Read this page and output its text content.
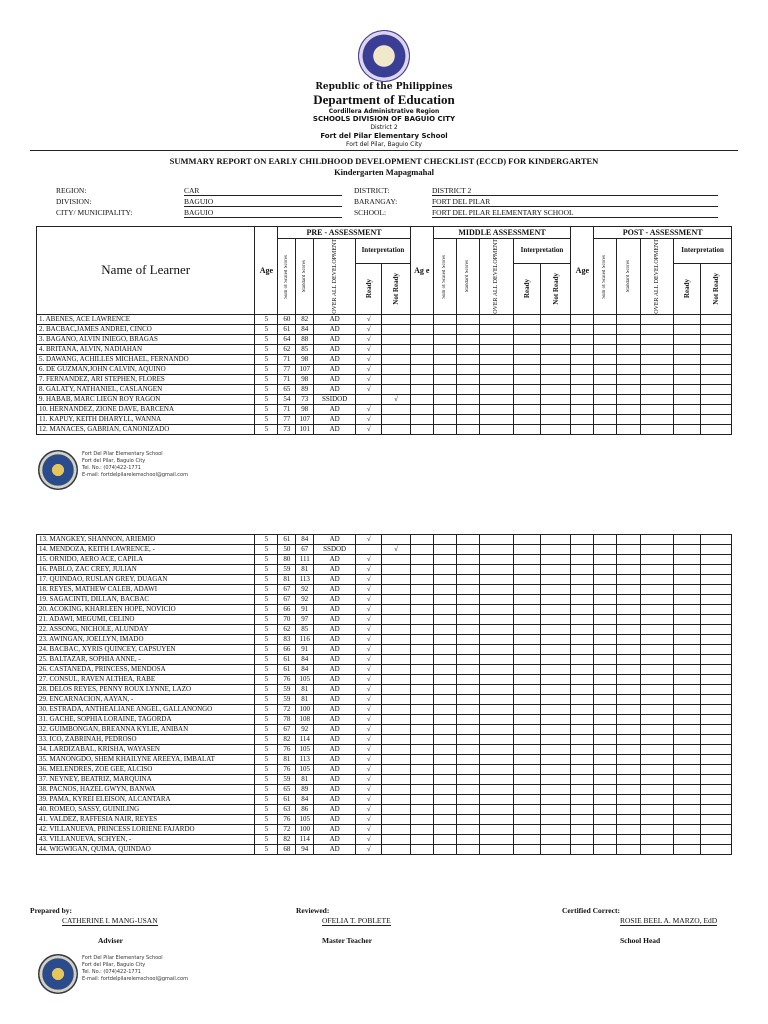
Republic of the Philippines
Department of Education
Cordillera Administrative Region
SCHOOLS DIVISION OF BAGUIO CITY
District 2
Fort del Pilar Elementary School
Fort del Pilar, Baguio City
SUMMARY REPORT ON EARLY CHILDHOOD DEVELOPMENT CHECKLIST (ECCD) FOR KINDERGARTEN
Kindergarten Mapagmahal
REGION:	CAR
DIVISION:	BAGUIO
CITY/ MUNICIPALITY:	BAGUIO
DISTRICT:	DISTRICT 2
BARANGAY:	FORT DEL PILAR
SCHOOL:	FORT DEL PILAR ELEMENTARY SCHOOL
Name of Learner	Age	PRE - ASSESSMENT					Ag e	MIDDLE ASSESSMENT					Age	POST - ASSESSMENT				

		Sum of Scaled Scores	Standard Scores	OVER ALL DEVELOPMENT	Interpretation			Sum of Scaled Scores	Standard Scores	OVER ALL DEVELOPMENT	Interpretation			Sum of Scaled Scores	Standard Scores	OVER ALL DEVELOPMENT	Interpretation	

					Ready	Not Ready					Ready	Not Ready					Ready	Not Ready

1. ABENES, ACE LAWRENCE	5	60	82	AD	√													
2. BACBAC,JAMES ANDREI, CINCO	5	61	84	AD	√													
3. BAGANO, ALVIN INIEGO, BRAGAS	5	64	88	AD	√													
4. BRITANA, ALVIN, NADIAHAN	5	62	85	AD	√													
5. DAWANG, ACHILLES MICHAEL, FERNANDO	5	71	98	AD	√													
6. DE GUZMAN,JOHN CALVIN, AQUINO	5	77	107	AD	√													
7. FERNANDEZ, ARI STEPHEN, FLORES	5	71	98	AD	√													
8. GALATY, NATHANIEL, CASLANGEN	5	65	89	AD	√													
9. HABAB, MARC LIEGN ROY RAGON	5	54	73	SSIDOD		√												
10. HERNANDEZ, ZIONE DAVE, BARCENA	5	71	98	AD	√													
11. KAPUY, KEITH DHARYLL, WANNA	5	77	107	AD	√													
12. MANACES, GABRIAN, CANONIZADO	5	73	101	AD	√													
Fort Del Pilar Elementary School
Fort del Pilar, Baguio City
Tel. No.: (074)422-1771
E-mail: fortdelpilarelemschool@gmail.com
13. MANGKEY, SHANNON, ARIEMIO	5	61	84	AD	√													
14. MENDOZA, KEITH LAWRENCE, -	5	50	67	SSDOD		√												
15. ORNIDO, AERO ACE, CAPILA	5	80	111	AD	√													
16. PABLO, ZAC CREY, JULIAN	5	59	81	AD	√													
17. QUINDAO, RUSLAN GREY, DUAGAN	5	81	113	AD	√													
18. REYES, MATHEW CALEB, ADAWI	5	67	92	AD	√													
19. SAGACINTI, DILLAN, BACBAC	5	67	92	AD	√													
20. ACOKING, KHARLEEN HOPE, NOVICIO	5	66	91	AD	√													
21. ADAWI, MEGUMI, CELINO	5	70	97	AD	√													
22. ASSONG, NICHOLE, ALUNDAY	5	62	85	AD	√													
23. AWINGAN, JOELLYN, IMADO	5	83	116	AD	√													
24. BACBAC, XYRIS QUINCEY, CAPSUYEN	5	66	91	AD	√													
25. BALTAZAR, SOPHIA ANNE, -	5	61	84	AD	√													
26. CASTANEDA, PRINCESS, MENDOSA	5	61	84	AD	√													
27. CONSUL, RAVEN ALTHEA, RABE	5	76	105	AD	√													
28. DELOS REYES, PENNY ROUX LYNNE, LAZO	5	59	81	AD	√													
29. ENCARNACION, AAYAN, -	5	59	81	AD	√													
30. ESTRADA, ANTHEALIANE ANGEL, GALLANONGO	5	72	100	AD	√													
31. GACHE, SOPHIA LORAINE, TAGORDA	5	78	108	AD	√													
32. GUIMBONGAN, BREANNA KYLIE, ANIBAN	5	67	92	AD	√													
33. ICO, ZABRINAH, PEDROSO	5	82	114	AD	√													
34. LARDIZABAL, KRISHA, WAYASEN	5	76	105	AD	√													
35. MANONGDO, SHEM KHAILYNE AREEYA, IMBALAT	5	81	113	AD	√													
36. MELENDRES, ZOE GEE, ALCISO	5	76	105	AD	√													
37. NEYNEY, BEATRIZ, MARQUINA	5	59	81	AD	√													
38. PACNOS, HAZEL GWYN, BANWA	5	65	89	AD	√													
39. PAMA, KYREI ELEISON, ALCANTARA	5	61	84	AD	√													
40. ROMEO, SASSY, GUINILING	5	63	86	AD	√													
41. VALDEZ, RAFFESIA NAIR, REYES	5	76	105	AD	√													
42. VILLANUEVA, PRINCESS LORIENE FAJARDO	5	72	100	AD	√													
43. VILLANUEVA, SCHYEN, -	5	82	114	AD	√													
44. WIGWIGAN, QUIMA, QUINDAO	5	68	94	AD	√													
Prepared by:
CATHERINE I. MANG-USAN
Adviser
Reviewed:
OFELIA T. POBLETE
Master Teacher
Certified Correct:
ROSIE BEEL A. MARZO, EdD
School Head
Fort Del Pilar Elementary School
Fort del Pilar, Baguio City
Tel. No.: (074)422-1771
E-mail: fortdelpilarelemschool@gmail.com
